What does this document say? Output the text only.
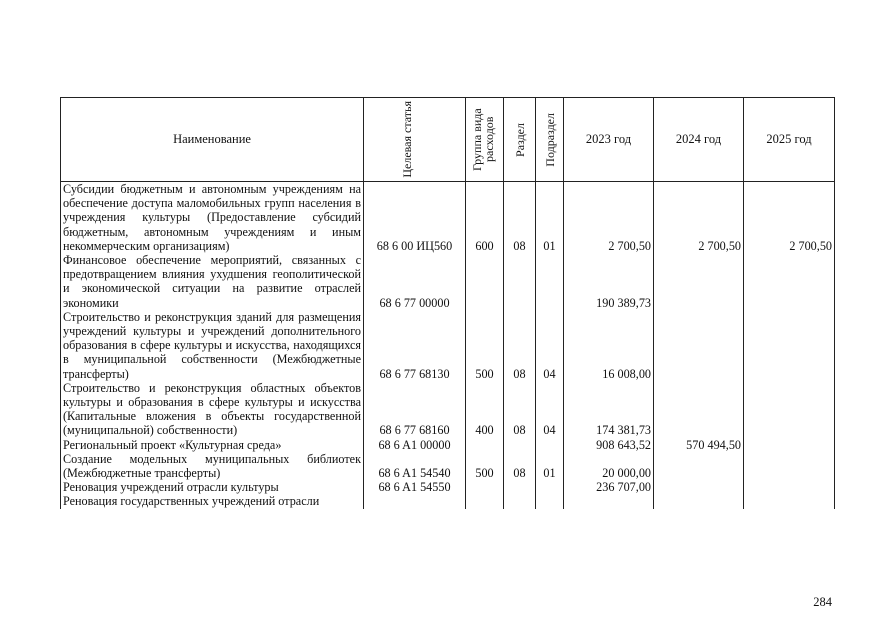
Наименование	Целевая статья	Группа вида расходов	Раздел	Подраздел	2023 год	2024 год	2025 год
Субсидии бюджетным и автономным учреждениям на обеспечение доступа маломобильных групп населения в учреждения культуры (Предоставление субсидий бюджетным, автономным учреждениям и иным некоммерческим организациям)	68 6 00 ИЦ560	600	08	01	2 700,50	2 700,50	2 700,50
Финансовое обеспечение мероприятий, связанных с предотвращением влияния ухудшения геополитической и экономической ситуации на развитие отраслей экономики	68 6 77 00000				190 389,73		
Строительство и реконструкция зданий для размещения учреждений культуры и учреждений дополнительного образования в сфере культуры и искусства, находящихся в муниципальной собственности (Межбюджетные трансферты)	68 6 77 68130	500	08	04	16 008,00		
Строительство и реконструкция областных объектов культуры и образования в сфере культуры и искусства (Капитальные вложения в объекты государственной (муниципальной) собственности)	68 6 77 68160	400	08	04	174 381,73		
Региональный проект «Культурная среда»	68 6 A1 00000				908 643,52	570 494,50	
Создание модельных муниципальных библиотек (Межбюджетные трансферты)	68 6 A1 54540	500	08	01	20 000,00		
Реновация учреждений отрасли культуры	68 6 A1 54550				236 707,00		
Реновация государственных учреждений отрасли							
284
